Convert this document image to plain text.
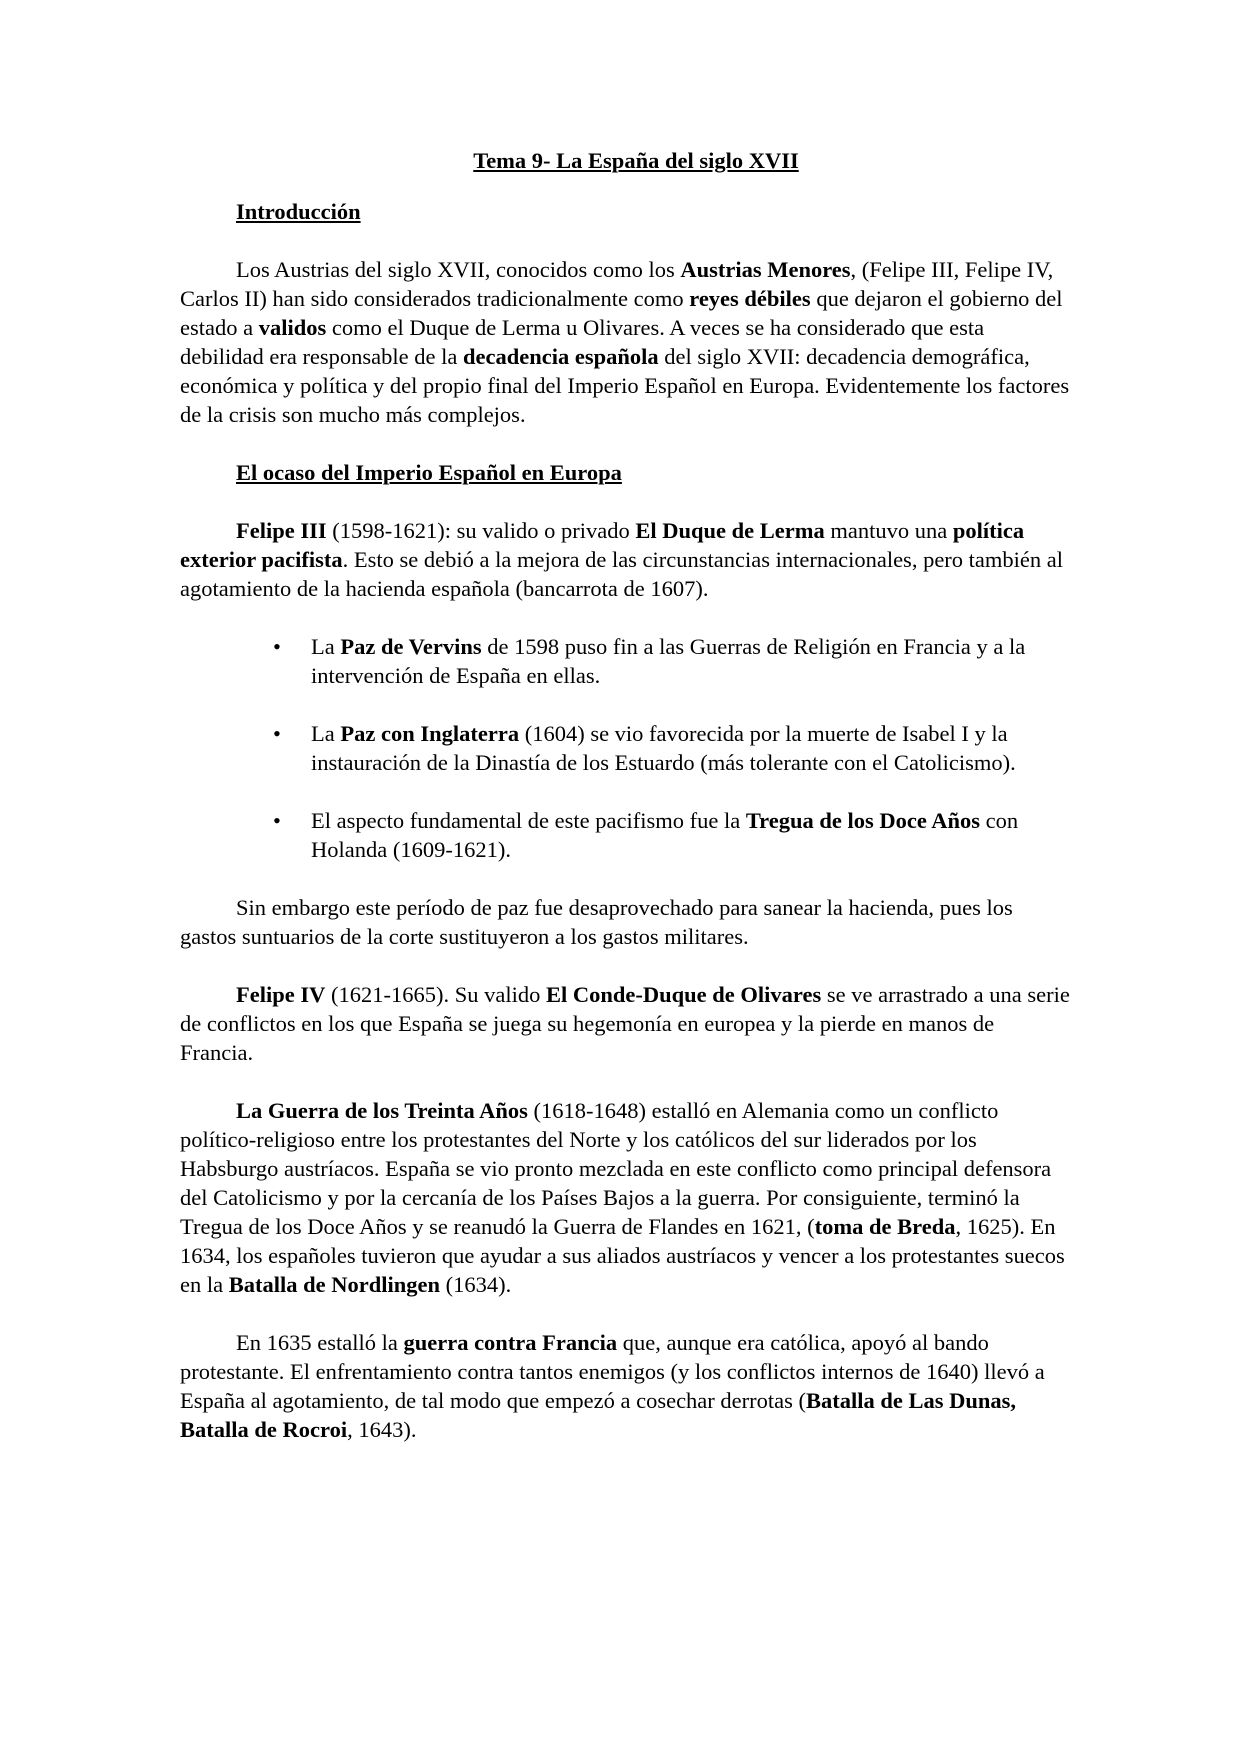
Tema 9- La España del siglo XVII
Introducción

Los Austrias del siglo XVII, conocidos como los Austrias Menores, (Felipe III, Felipe IV, Carlos II) han sido considerados tradicionalmente como reyes débiles que dejaron el gobierno del estado a validos como el Duque de Lerma u Olivares. A veces se ha considerado que esta debilidad era responsable de la decadencia española del siglo XVII: decadencia demográfica, económica y política y del propio final del Imperio Español en Europa. Evidentemente los factores de la crisis son mucho más complejos.

El ocaso del Imperio Español en Europa

Felipe III (1598-1621): su valido o privado El Duque de Lerma mantuvo una política exterior pacifista. Esto se debió a la mejora de las circunstancias internacionales, pero también al agotamiento de la hacienda española (bancarrota de 1607).

• La Paz de Vervins de 1598 puso fin a las Guerras de Religión en Francia y a la intervención de España en ellas.
• La Paz con Inglaterra (1604) se vio favorecida por la muerte de Isabel I y la instauración de la Dinastía de los Estuardo (más tolerante con el Catolicismo).
• El aspecto fundamental de este pacifismo fue la Tregua de los Doce Años con Holanda (1609-1621).

Sin embargo este período de paz fue desaprovechado para sanear la hacienda, pues los gastos suntuarios de la corte sustituyeron a los gastos militares.

Felipe IV (1621-1665). Su valido El Conde-Duque de Olivares se ve arrastrado a una serie de conflictos en los que España se juega su hegemonía en europea y la pierde en manos de Francia.

La Guerra de los Treinta Años (1618-1648) estalló en Alemania como un conflicto político-religioso entre los protestantes del Norte y los católicos del sur liderados por los Habsburgo austríacos. España se vio pronto mezclada en este conflicto como principal defensora del Catolicismo y por la cercanía de los Países Bajos a la guerra. Por consiguiente, terminó la Tregua de los Doce Años y se reanudó la Guerra de Flandes en 1621, (toma de Breda, 1625). En 1634, los españoles tuvieron que ayudar a sus aliados austríacos y vencer a los protestantes suecos en la Batalla de Nordlingen (1634).

En 1635 estalló la guerra contra Francia que, aunque era católica, apoyó al bando protestante. El enfrentamiento contra tantos enemigos (y los conflictos internos de 1640) llevó a España al agotamiento, de tal modo que empezó a cosechar derrotas (Batalla de Las Dunas, Batalla de Rocroi, 1643).
